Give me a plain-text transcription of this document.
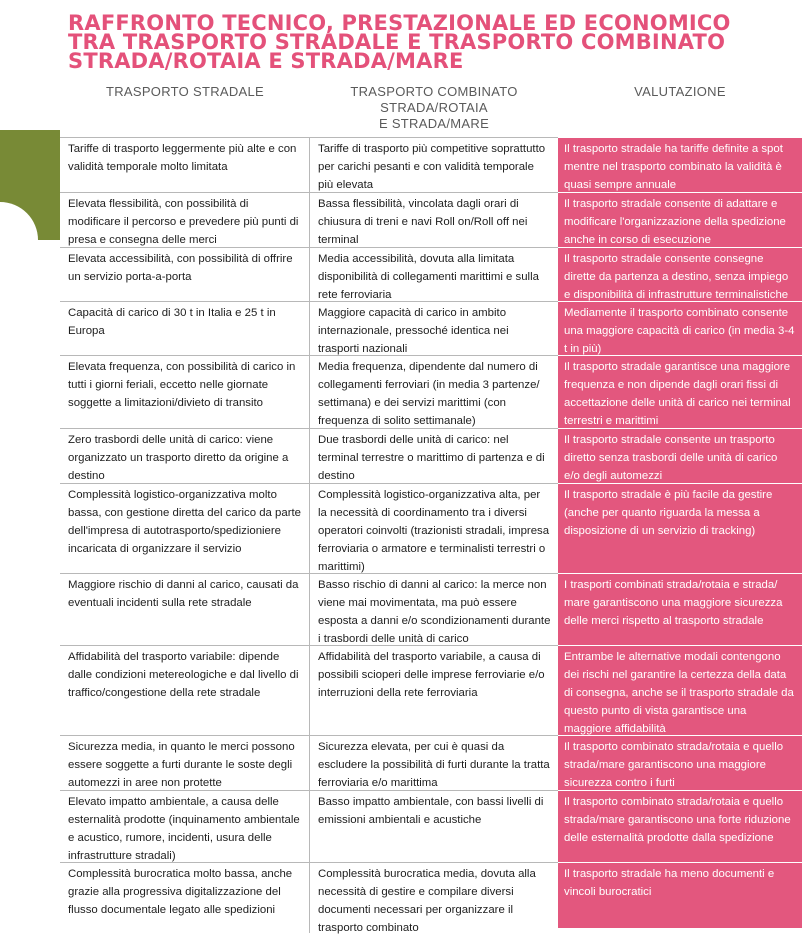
RAFFRONTO TECNICO, PRESTAZIONALE ED ECONOMICO
TRA TRASPORTO STRADALE E TRASPORTO COMBINATO
STRADA/ROTAIA E STRADA/MARE
TRASPORTO STRADALE	TRASPORTO COMBINATO
STRADA/ROTAIA
E STRADA/MARE
VALUTAZIONE
Tariffe di trasporto leggermente più alte e con validità temporale molto limitata
Tariffe di trasporto più competitive soprattutto per carichi pesanti e con validità temporale più elevata
Il trasporto stradale ha tariffe definite a spot mentre nel trasporto combinato la validità è quasi sempre annuale
Elevata flessibilità, con possibilità di modificare il percorso e prevedere più punti di presa e consegna delle merci
Bassa flessibilità, vincolata dagli orari di chiusura di treni e navi Roll on/Roll off nei terminal
Il trasporto stradale consente di adattare e modificare l'organizzazione della spedizione anche in corso di esecuzione
Elevata accessibilità, con possibilità di offrire un servizio porta-a-porta
Media accessibilità, dovuta alla limitata disponibilità di collegamenti marittimi e sulla rete ferroviaria
Il trasporto stradale consente consegne dirette da partenza a destino, senza impiego e disponibilità di infrastrutture terminalistiche
Capacità di carico di 30 t in Italia e 25 t in Europa
Maggiore capacità di carico in ambito internazionale, pressoché identica nei trasporti nazionali
Mediamente il trasporto combinato consente una maggiore capacità di carico (in media 3-4 t in più)
Elevata frequenza, con possibilità di carico in tutti i giorni feriali, eccetto nelle giornate soggette a limitazioni/divieto di transito
Media frequenza, dipendente dal numero di collegamenti ferroviari (in media 3 partenze/ settimana) e dei servizi marittimi (con frequenza di solito settimanale)
Il trasporto stradale garantisce una maggiore frequenza e non dipende dagli orari fissi di accettazione delle unità di carico nei terminal terrestri e marittimi
Zero trasbordi delle unità di carico: viene organizzato un trasporto diretto da origine a destino
Due trasbordi delle unità di carico: nel terminal terrestre o marittimo di partenza e di destino
Il trasporto stradale consente un trasporto diretto senza trasbordi delle unità di carico e/o degli automezzi
Complessità logistico-organizzativa molto bassa, con gestione diretta del carico da parte dell'impresa di autotrasporto/spedizioniere incaricata di organizzare il servizio
Complessità logistico-organizzativa alta, per la necessità di coordinamento tra i diversi operatori coinvolti (trazionisti stradali, impresa ferroviaria o armatore e terminalisti terrestri o marittimi)
Il trasporto stradale è più facile da gestire (anche per quanto riguarda la messa a disposizione di un servizio di tracking)
Maggiore rischio di danni al carico, causati da eventuali incidenti sulla rete stradale
Basso rischio di danni al carico: la merce non viene mai movimentata, ma può essere esposta a danni e/o scondizionamenti durante i trasbordi delle unità di carico
I trasporti combinati strada/rotaia e strada/ mare garantiscono una maggiore sicurezza delle merci rispetto al trasporto stradale
Affidabilità del trasporto variabile: dipende dalle condizioni metereologiche e dal livello di traffico/congestione della rete stradale
Affidabilità del trasporto variabile, a causa di possibili scioperi delle imprese ferroviarie e/o interruzioni della rete ferroviaria
Entrambe le alternative modali contengono dei rischi nel garantire la certezza della data di consegna, anche se il trasporto stradale da questo punto di vista garantisce una maggiore affidabilità
Sicurezza media, in quanto le merci possono essere soggette a furti durante le soste degli automezzi in aree non protette
Sicurezza elevata, per cui è quasi da escludere la possibilità di furti durante la tratta ferroviaria e/o marittima
Il trasporto combinato strada/rotaia e quello strada/mare garantiscono una maggiore sicurezza contro i furti
Elevato impatto ambientale, a causa delle esternalità prodotte (inquinamento ambientale e acustico, rumore, incidenti, usura delle infrastrutture stradali)
Basso impatto ambientale, con bassi livelli di emissioni ambientali e acustiche
Il trasporto combinato strada/rotaia e quello strada/mare garantiscono una forte riduzione delle esternalità prodotte dalla spedizione
Complessità burocratica molto bassa, anche grazie alla progressiva digitalizzazione del flusso documentale legato alle spedizioni
Complessità burocratica media, dovuta alla necessità di gestire e compilare diversi documenti necessari per organizzare il trasporto combinato
Il trasporto stradale ha meno documenti e vincoli burocratici
